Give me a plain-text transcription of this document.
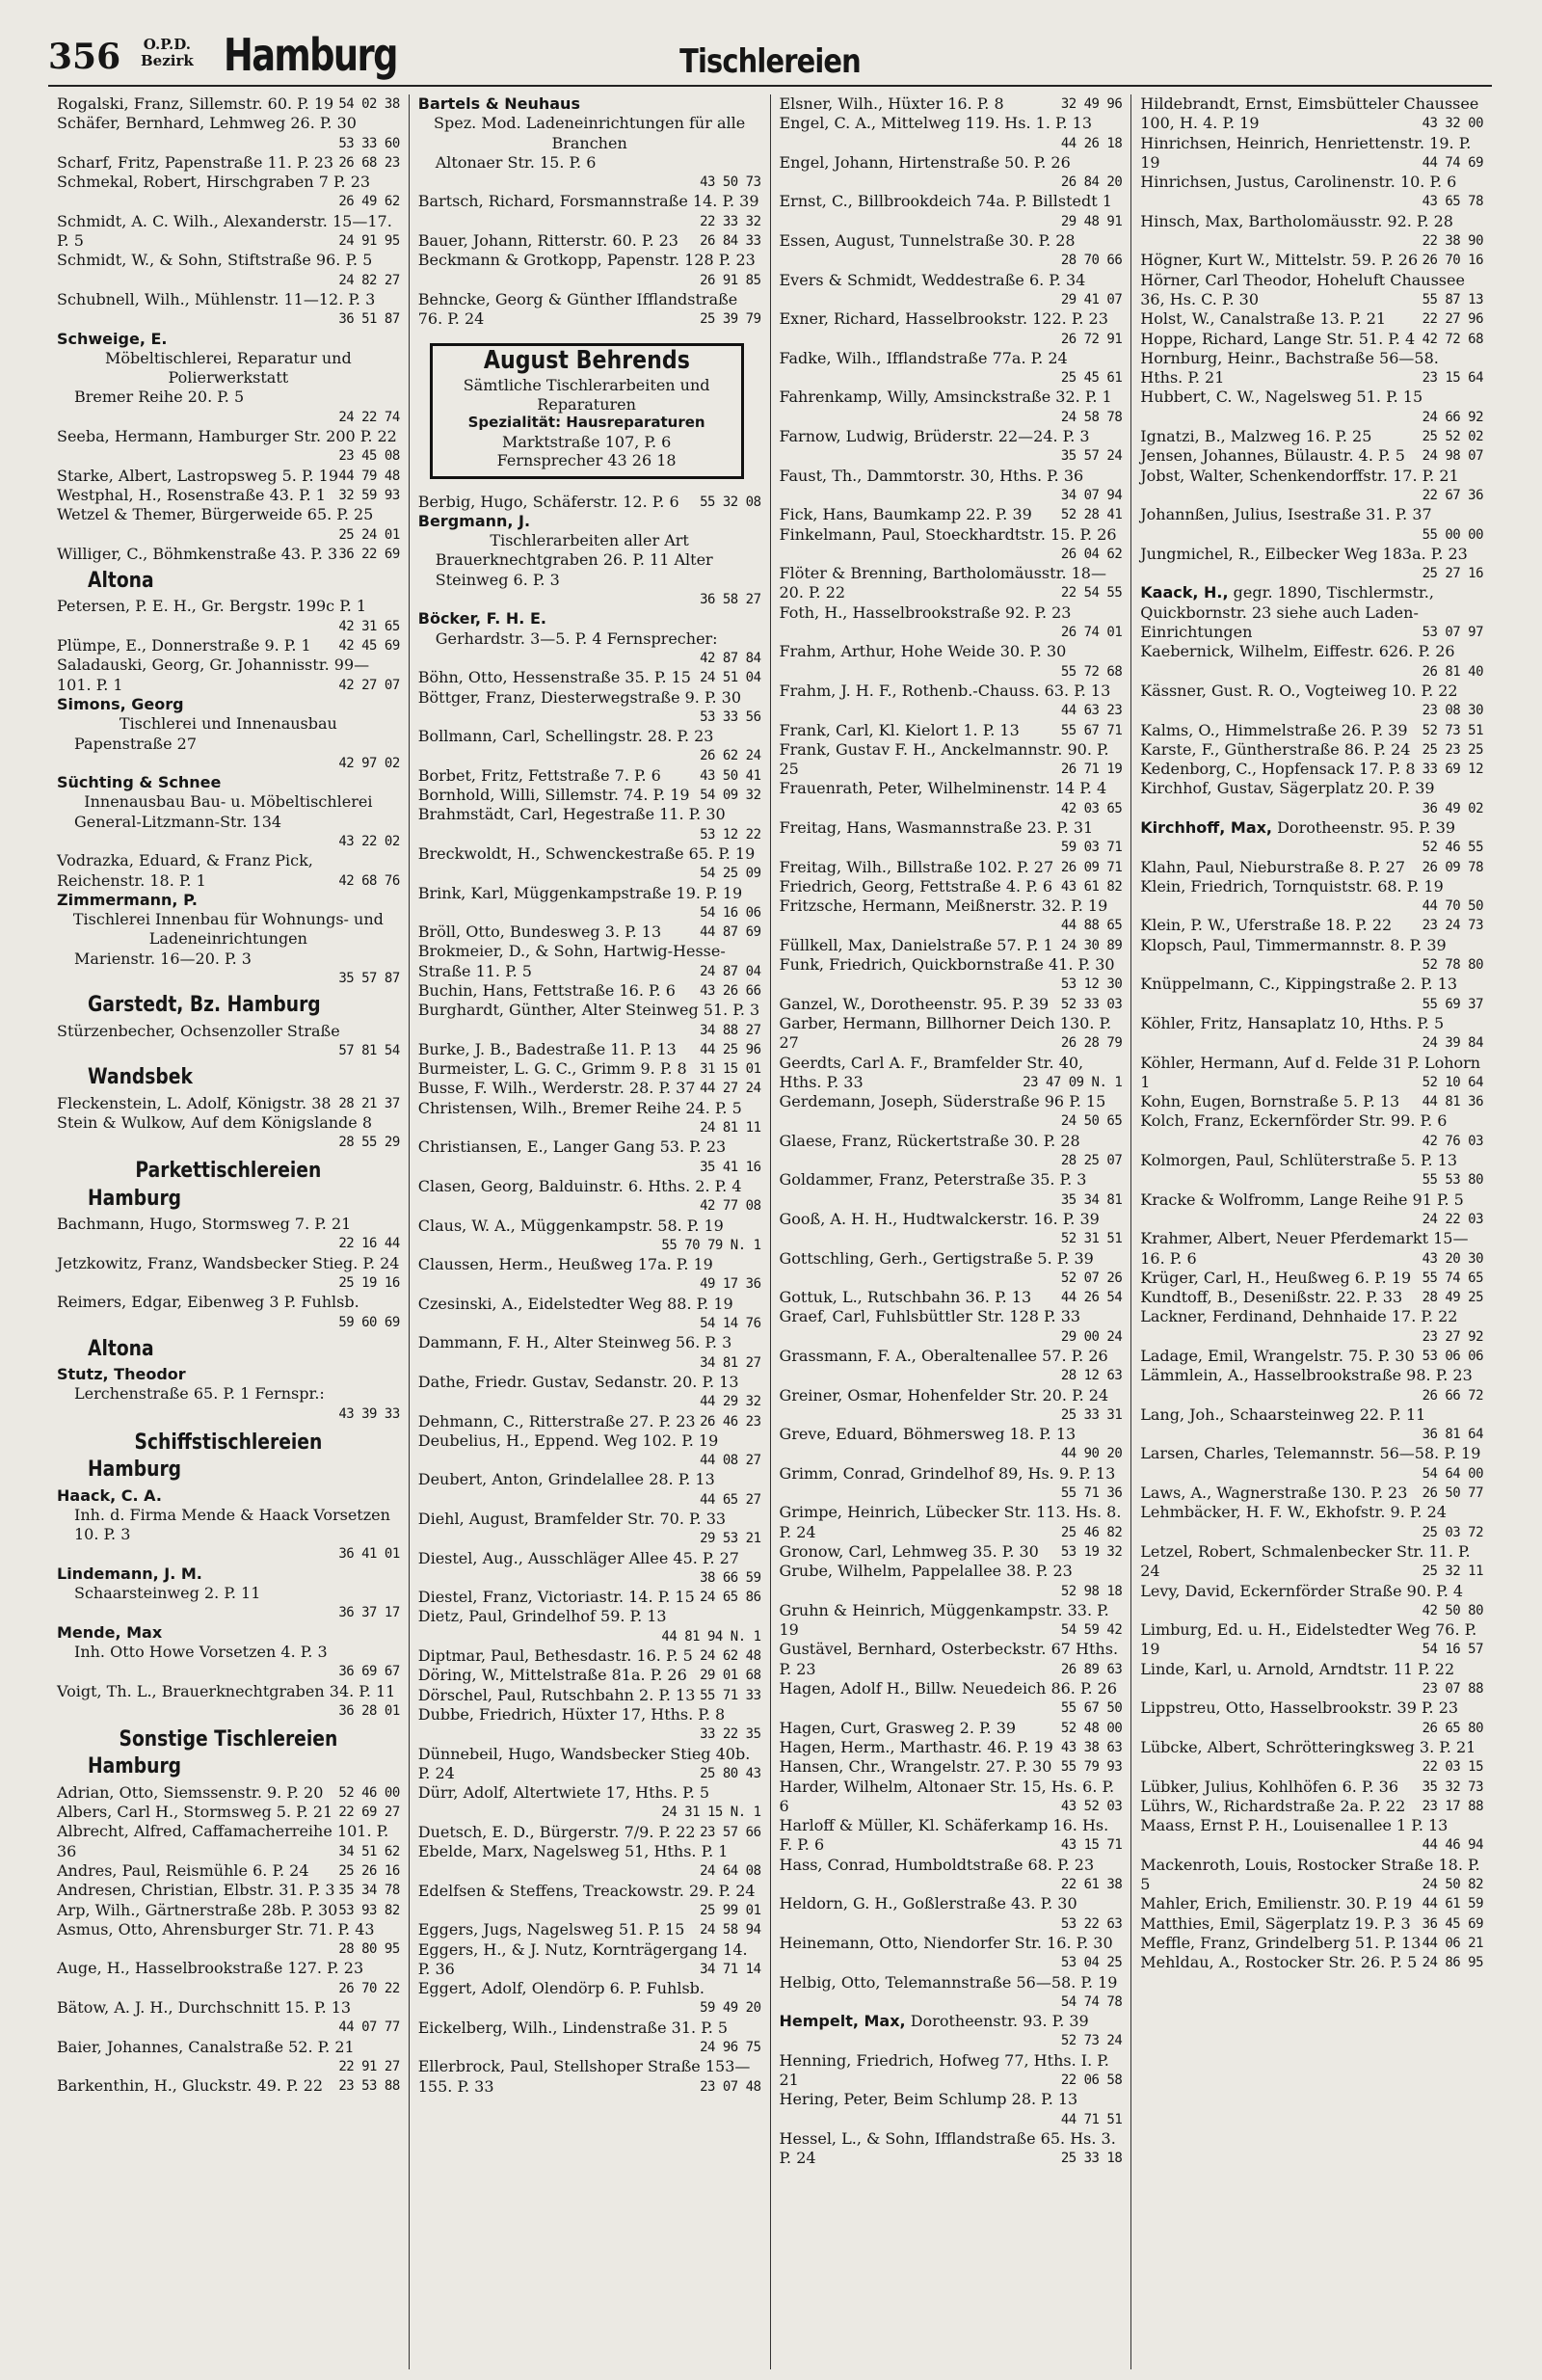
356 O.P.D.
Bezirk Hamburg	Tischlereien

Rogalski, Franz, Sillemstr. 60. P. 19 54 02 38

Schäfer, Bernhard, Lehmweg 26. P. 30
53 33 60

Scharf, Fritz, Papenstraße 11. P. 23 26 68 23

Schmekal, Robert, Hirschgraben 7 P. 23
26 49 62

Schmidt, A. C. Wilh., Alexanderstr. 15—17. P. 5	24 91 95

Schmidt, W., & Sohn, Stiftstraße 96. P. 5
24 82 27

Schubnell, Wilh., Mühlenstr. 11—12. P. 3
36 51 87

Schweige, E.
Möbeltischlerei, Reparatur und Polierwerkstatt
Bremer Reihe 20. P. 5
24 22 74

Seeba, Hermann, Hamburger Str. 200 P. 22
23 45 08

Starke, Albert, Lastropsweg 5. P. 19 44 79 48

Westphal, H., Rosenstraße 43. P. 1 32 59 93

Wetzel & Themer, Bürgerweide 65. P. 25
25 24 01

Williger, C., Böhmkenstraße 43. P. 3 36 22 69

Altona

Petersen, P. E. H., Gr. Bergstr. 199c P. 1
42 31 65

Plümpe, E., Donnerstraße 9. P. 1 42 45 69

Saladauski, Georg, Gr. Johannisstr. 99—101. P. 1	42 27 07

Simons, Georg
Tischlerei und Innenausbau
Papenstraße 27
42 97 02

Süchting & Schnee
Innenausbau Bau- u. Möbeltischlerei
General-Litzmann-Str. 134
43 22 02

Vodrazka, Eduard, & Franz Pick, Reichenstr. 18. P. 1	42 68 76

Zimmermann, P.
Tischlerei Innenbau für Wohnungs- und Ladeneinrichtungen
Marienstr. 16—20. P. 3
35 57 87

Garstedt, Bz. Hamburg

Stürzenbecher, Ochsenzoller Straße
57 81 54

Wandsbek

Fleckenstein, L. Adolf, Königstr. 38 28 21 37

Stein & Wulkow, Auf dem Königslande 8
28 55 29

Parkettischlereien
Hamburg

Bachmann, Hugo, Stormsweg 7. P. 21
22 16 44

Jetzkowitz, Franz, Wandsbecker Stieg. P. 24
25 19 16

Reimers, Edgar, Eibenweg 3 P. Fuhlsb.
59 60 69

Altona

Stutz, Theodor
Lerchenstraße 65. P. 1 Fernspr.:
43 39 33

Schiffstischlereien
Hamburg

Haack, C. A.
Inh. d. Firma Mende & Haack Vorsetzen 10. P. 3
36 41 01

Lindemann, J. M.
Schaarsteinweg 2. P. 11
36 37 17

Mende, Max
Inh. Otto Howe Vorsetzen 4. P. 3
36 69 67

Voigt, Th. L., Brauerknechtgraben 34. P. 11
36 28 01

Sonstige Tischlereien
Hamburg

Adrian, Otto, Siemssenstr. 9. P. 20 52 46 00

Albers, Carl H., Stormsweg 5. P. 21 22 69 27

Albrecht, Alfred, Caffamacherreihe 101. P. 36	34 51 62

Andres, Paul, Reismühle 6. P. 24 25 26 16

Andresen, Christian, Elbstr. 31. P. 3 35 34 78

Arp, Wilh., Gärtnerstraße 28b. P. 30 53 93 82

Asmus, Otto, Ahrensburger Str. 71. P. 43
28 80 95

Auge, H., Hasselbrookstraße 127. P. 23
26 70 22

Bätow, A. J. H., Durchschnitt 15. P. 13
44 07 77

Baier, Johannes, Canalstraße 52. P. 21
22 91 27

Barkenthin, H., Gluckstr. 49. P. 22 23 53 88

Bartels & Neuhaus
Spez. Mod. Ladeneinrichtungen für alle Branchen
Altonaer Str. 15. P. 6
43 50 73

Bartsch, Richard, Forsmannstraße 14. P. 39
22 33 32

Bauer, Johann, Ritterstr. 60. P. 23 26 84 33

Beckmann & Grotkopp, Papenstr. 128 P. 23
26 91 85

Behncke, Georg & Günther Ifflandstraße 76. P. 24	25 39 79

August Behrends
Sämtliche Tischlerarbeiten und Reparaturen

Spezialität: Hausreparaturen
Marktstraße 107, P. 6
Fernsprecher 43 26 18

Berbig, Hugo, Schäferstr. 12. P. 6 55 32 08

Bergmann, J.
Tischlerarbeiten aller Art
Brauerknechtgraben 26. P. 11 Alter Steinweg 6. P. 3
36 58 27

Böcker, F. H. E.
Gerhardstr. 3—5. P. 4 Fernsprecher:
42 87 84

Böhn, Otto, Hessenstraße 35. P. 15 24 51 04

Böttger, Franz, Diesterwegstraße 9. P. 30
53 33 56

Bollmann, Carl, Schellingstr. 28. P. 23
26 62 24

Borbet, Fritz, Fettstraße 7. P. 6	43 50 41

Bornhold, Willi, Sillemstr. 74. P. 19 54 09 32

Brahmstädt, Carl, Hegestraße 11. P. 30
53 12 22

Breckwoldt, H., Schwenckestraße 65. P. 19
54 25 09

Brink, Karl, Müggenkampstraße 19. P. 19
54 16 06

Bröll, Otto, Bundesweg 3. P. 13	44 87 69

Brokmeier, D., & Sohn, Hartwig-Hesse-Straße 11. P. 5	24 87 04

Buchin, Hans, Fettstraße 16. P. 6 43 26 66

Burghardt, Günther, Alter Steinweg 51. P. 3
34 88 27

Burke, J. B., Badestraße 11. P. 13 44 25 96

Burmeister, L. G. C., Grimm 9. P. 8 31 15 01

Busse, F. Wilh., Werderstr. 28. P. 37 44 27 24

Christensen, Wilh., Bremer Reihe 24. P. 5
24 81 11

Christiansen, E., Langer Gang 53. P. 23
35 41 16

Clasen, Georg, Balduinstr. 6. Hths. 2. P. 4
42 77 08

Claus, W. A., Müggenkampstr. 58. P. 19
55 70 79 N. 1

Claussen, Herm., Heußweg 17a. P. 19
49 17 36

Czesinski, A., Eidelstedter Weg 88. P. 19
54 14 76

Dammann, F. H., Alter Steinweg 56. P. 3
34 81 27

Dathe, Friedr. Gustav, Sedanstr. 20. P. 13
44 29 32

Dehmann, C., Ritterstraße 27. P. 23 26 46 23

Deubelius, H., Eppend. Weg 102. P. 19
44 08 27

Deubert, Anton, Grindelallee 28. P. 13
44 65 27

Diehl, August, Bramfelder Str. 70. P. 33
29 53 21

Diestel, Aug., Ausschläger Allee 45. P. 27
38 66 59

Diestel, Franz, Victoriastr. 14. P. 15 24 65 86

Dietz, Paul, Grindelhof 59. P. 13
44 81 94 N. 1

Diptmar, Paul, Bethesdastr. 16. P. 5 24 62 48

Döring, W., Mittelstraße 81a. P. 26 29 01 68

Dörschel, Paul, Rutschbahn 2. P. 13 55 71 33

Dubbe, Friedrich, Hüxter 17, Hths. P. 8
33 22 35

Dünnebeil, Hugo, Wandsbecker Stieg 40b. P. 24	25 80 43

Dürr, Adolf, Altertwiete 17, Hths. P. 5
24 31 15 N. 1

Duetsch, E. D., Bürgerstr. 7/9. P. 22 23 57 66

Ebelde, Marx, Nagelsweg 51, Hths. P. 1
24 64 08

Edelfsen & Steffens, Treackowstr. 29. P. 24
25 99 01

Eggers, Jugs, Nagelsweg 51. P. 15 24 58 94

Eggers, H., & J. Nutz, Kornträgergang 14. P. 36	34 71 14

Eggert, Adolf, Olendörp 6. P. Fuhlsb.
59 49 20

Eickelberg, Wilh., Lindenstraße 31. P. 5
24 96 75

Ellerbrock, Paul, Stellshoper Straße 153—155. P. 33	23 07 48

Elsner, Wilh., Hüxter 16. P. 8	32 49 96

Engel, C. A., Mittelweg 119. Hs. 1. P. 13
44 26 18

Engel, Johann, Hirtenstraße 50. P. 26
26 84 20

Ernst, C., Billbrookdeich 74a. P. Billstedt 1
29 48 91

Essen, August, Tunnelstraße 30. P. 28
28 70 66

Evers & Schmidt, Weddestraße 6. P. 34
29 41 07

Exner, Richard, Hasselbrookstr. 122. P. 23
26 72 91

Fadke, Wilh., Ifflandstraße 77a. P. 24
25 45 61

Fahrenkamp, Willy, Amsinckstraße 32. P. 1
24 58 78

Farnow, Ludwig, Brüderstr. 22—24. P. 3
35 57 24

Faust, Th., Dammtorstr. 30, Hths. P. 36
34 07 94

Fick, Hans, Baumkamp 22. P. 39 52 28 41

Finkelmann, Paul, Stoeckhardtstr. 15. P. 26
26 04 62

Flöter & Brenning, Bartholomäusstr. 18—20. P. 22	22 54 55

Foth, H., Hasselbrookstraße 92. P. 23
26 74 01

Frahm, Arthur, Hohe Weide 30. P. 30
55 72 68

Frahm, J. H. F., Rothenb.-Chauss. 63. P. 13
44 63 23

Frank, Carl, Kl. Kielort 1. P. 13	55 67 71

Frank, Gustav F. H., Anckelmannstr. 90. P. 25	26 71 19

Frauenrath, Peter, Wilhelminenstr. 14 P. 4
42 03 65

Freitag, Hans, Wasmannstraße 23. P. 31
59 03 71

Freitag, Wilh., Billstraße 102. P. 27 26 09 71

Friedrich, Georg, Fettstraße 4. P. 6 43 61 82

Fritzsche, Hermann, Meißnerstr. 32. P. 19
44 88 65

Füllkell, Max, Danielstraße 57. P. 1 24 30 89

Funk, Friedrich, Quickbornstraße 41. P. 30
53 12 30

Ganzel, W., Dorotheenstr. 95. P. 39 52 33 03

Garber, Hermann, Billhorner Deich 130. P. 27	26 28 79

Geerdts, Carl A. F., Bramfelder Str. 40, Hths. P. 33	23 47 09 N. 1

Gerdemann, Joseph, Süderstraße 96 P. 15
24 50 65

Glaese, Franz, Rückertstraße 30. P. 28
28 25 07

Goldammer, Franz, Peterstraße 35. P. 3
35 34 81

Gooß, A. H. H., Hudtwalckerstr. 16. P. 39
52 31 51

Gottschling, Gerh., Gertigstraße 5. P. 39
52 07 26

Gottuk, L., Rutschbahn 36. P. 13 44 26 54

Graef, Carl, Fuhlsbüttler Str. 128 P. 33
29 00 24

Grassmann, F. A., Oberaltenallee 57. P. 26
28 12 63

Greiner, Osmar, Hohenfelder Str. 20. P. 24
25 33 31

Greve, Eduard, Böhmersweg 18. P. 13
44 90 20

Grimm, Conrad, Grindelhof 89, Hs. 9. P. 13
55 71 36

Grimpe, Heinrich, Lübecker Str. 113. Hs. 8. P. 24	25 46 82

Gronow, Carl, Lehmweg 35. P. 30 53 19 32

Grube, Wilhelm, Pappelallee 38. P. 23
52 98 18

Gruhn & Heinrich, Müggenkampstr. 33. P. 19	54 59 42

Gustävel, Bernhard, Osterbeckstr. 67 Hths. P. 23	26 89 63

Hagen, Adolf H., Billw. Neuedeich 86. P. 26
55 67 50

Hagen, Curt, Grasweg 2. P. 39	52 48 00

Hagen, Herm., Marthastr. 46. P. 19 43 38 63

Hansen, Chr., Wrangelstr. 27. P. 30 55 79 93

Harder, Wilhelm, Altonaer Str. 15, Hs. 6. P. 6	43 52 03

Harloff & Müller, Kl. Schäferkamp 16. Hs. F. P. 6	43 15 71

Hass, Conrad, Humboldtstraße 68. P. 23
22 61 38

Heldorn, G. H., Goßlerstraße 43. P. 30
53 22 63

Heinemann, Otto, Niendorfer Str. 16. P. 30
53 04 25

Helbig, Otto, Telemannstraße 56—58. P. 19
54 74 78

Hempelt, Max, Dorotheenstr. 93. P. 39
52 73 24

Henning, Friedrich, Hofweg 77, Hths. I. P. 21	22 06 58

Hering, Peter, Beim Schlump 28. P. 13
44 71 51

Hessel, L., & Sohn, Ifflandstraße 65. Hs. 3. P. 24	25 33 18

Hildebrandt, Ernst, Eimsbütteler Chaussee 100, H. 4. P. 19	43 32 00

Hinrichsen, Heinrich, Henriettenstr. 19. P. 19	44 74 69

Hinrichsen, Justus, Carolinenstr. 10. P. 6
43 65 78

Hinsch, Max, Bartholomäusstr. 92. P. 28
22 38 90

Högner, Kurt W., Mittelstr. 59. P. 26 26 70 16

Hörner, Carl Theodor, Hoheluft Chaussee 36, Hs. C. P. 30	55 87 13

Holst, W., Canalstraße 13. P. 21	22 27 96

Hoppe, Richard, Lange Str. 51. P. 4 42 72 68

Hornburg, Heinr., Bachstraße 56—58. Hths. P. 21	23 15 64

Hubbert, C. W., Nagelsweg 51. P. 15
24 66 92

Ignatzi, B., Malzweg 16. P. 25	25 52 02

Jensen, Johannes, Bülaustr. 4. P. 5 24 98 07

Jobst, Walter, Schenkendorffstr. 17. P. 21
22 67 36

Johannßen, Julius, Isestraße 31. P. 37
55 00 00

Jungmichel, R., Eilbecker Weg 183a. P. 23
25 27 16

Kaack, H., gegr. 1890, Tischlermstr., Quickbornstr. 23 siehe auch Laden-Einrichtungen	53 07 97

Kaebernick, Wilhelm, Eiffestr. 626. P. 26
26 81 40

Kässner, Gust. R. O., Vogteiweg 10. P. 22
23 08 30

Kalms, O., Himmelstraße 26. P. 39 52 73 51

Karste, F., Güntherstraße 86. P. 24 25 23 25

Kedenborg, C., Hopfensack 17. P. 8 33 69 12

Kirchhof, Gustav, Sägerplatz 20. P. 39
36 49 02

Kirchhoff, Max, Dorotheenstr. 95. P. 39
52 46 55

Klahn, Paul, Nieburstraße 8. P. 27 26 09 78

Klein, Friedrich, Tornquiststr. 68. P. 19
44 70 50

Klein, P. W., Uferstraße 18. P. 22 23 24 73

Klopsch, Paul, Timmermannstr. 8. P. 39
52 78 80

Knüppelmann, C., Kippingstraße 2. P. 13
55 69 37

Köhler, Fritz, Hansaplatz 10, Hths. P. 5
24 39 84

Köhler, Hermann, Auf d. Felde 31 P. Lohorn 1	52 10 64

Kohn, Eugen, Bornstraße 5. P. 13 44 81 36

Kolch, Franz, Eckernförder Str. 99. P. 6
42 76 03

Kolmorgen, Paul, Schlüterstraße 5. P. 13
55 53 80

Kracke & Wolfromm, Lange Reihe 91 P. 5
24 22 03

Krahmer, Albert, Neuer Pferdemarkt 15—16. P. 6	43 20 30

Krüger, Carl, H., Heußweg 6. P. 19 55 74 65

Kundtoff, B., Desenißstr. 22. P. 33 28 49 25

Lackner, Ferdinand, Dehnhaide 17. P. 22
23 27 92

Ladage, Emil, Wrangelstr. 75. P. 30 53 06 06

Lämmlein, A., Hasselbrookstraße 98. P. 23
26 66 72

Lang, Joh., Schaarsteinweg 22. P. 11
36 81 64

Larsen, Charles, Telemannstr. 56—58. P. 19
54 64 00

Laws, A., Wagnerstraße 130. P. 23 26 50 77

Lehmbäcker, H. F. W., Ekhofstr. 9. P. 24
25 03 72

Letzel, Robert, Schmalenbecker Str. 11. P. 24	25 32 11

Levy, David, Eckernförder Straße 90. P. 4
42 50 80

Limburg, Ed. u. H., Eidelstedter Weg 76. P. 19	54 16 57

Linde, Karl, u. Arnold, Arndtstr. 11 P. 22
23 07 88

Lippstreu, Otto, Hasselbrookstr. 39 P. 23
26 65 80

Lübcke, Albert, Schrötteringksweg 3. P. 21
22 03 15

Lübker, Julius, Kohlhöfen 6. P. 36 35 32 73

Lührs, W., Richardstraße 2a. P. 22 23 17 88

Maass, Ernst P. H., Louisenallee 1 P. 13
44 46 94

Mackenroth, Louis, Rostocker Straße 18. P. 5	24 50 82

Mahler, Erich, Emilienstr. 30. P. 19 44 61 59

Matthies, Emil, Sägerplatz 19. P. 3 36 45 69

Meffle, Franz, Grindelberg 51. P. 13 44 06 21

Mehldau, A., Rostocker Str. 26. P. 5 24 86 95
